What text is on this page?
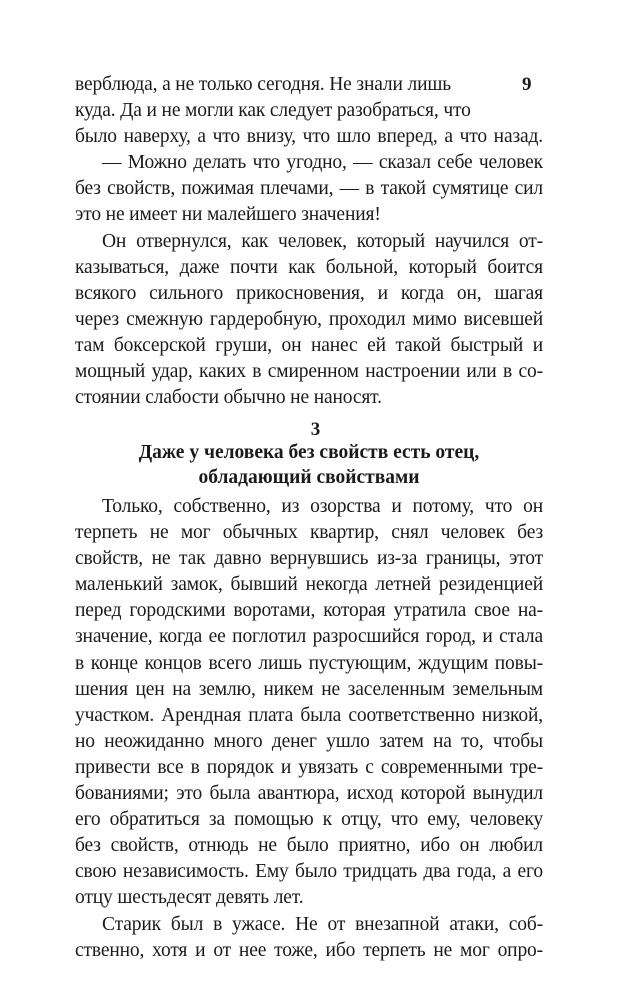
9
верблюда, а не только сегодня. Не знали лишь
куда. Да и не могли как следует разобраться, что
было наверху, а что внизу, что шло вперед, а что назад.
— Можно делать что угодно, — сказал себе человек
без свойств, пожимая плечами, — в такой сумятице сил
это не имеет ни малейшего значения!
Он отвернулся, как человек, который научился от-
казываться, даже почти как больной, который боится
всякого сильного прикосновения, и когда он, шагая
через смежную гардеробную, проходил мимо висевшей
там боксерской груши, он нанес ей такой быстрый и
мощный удар, каких в смиренном настроении или в со-
стоянии слабости обычно не наносят.
3
Даже у человека без свойств есть отец,
обладающий свойствами
Только, собственно, из озорства и потому, что он
терпеть не мог обычных квартир, снял человек без
свойств, не так давно вернувшись из-за границы, этот
маленький замок, бывший некогда летней резиденцией
перед городскими воротами, которая утратила свое на-
значение, когда ее поглотил разросшийся город, и стала
в конце концов всего лишь пустующим, ждущим повы-
шения цен на землю, никем не заселенным земельным
участком. Арендная плата была соответственно низкой,
но неожиданно много денег ушло затем на то, чтобы
привести все в порядок и увязать с современными тре-
бованиями; это была авантюра, исход которой вынудил
его обратиться за помощью к отцу, что ему, человеку
без свойств, отнюдь не было приятно, ибо он любил
свою независимость. Ему было тридцать два года, а его
отцу шестьдесят девять лет.
Старик был в ужасе. Не от внезапной атаки, соб-
ственно, хотя и от нее тоже, ибо терпеть не мог опро-
